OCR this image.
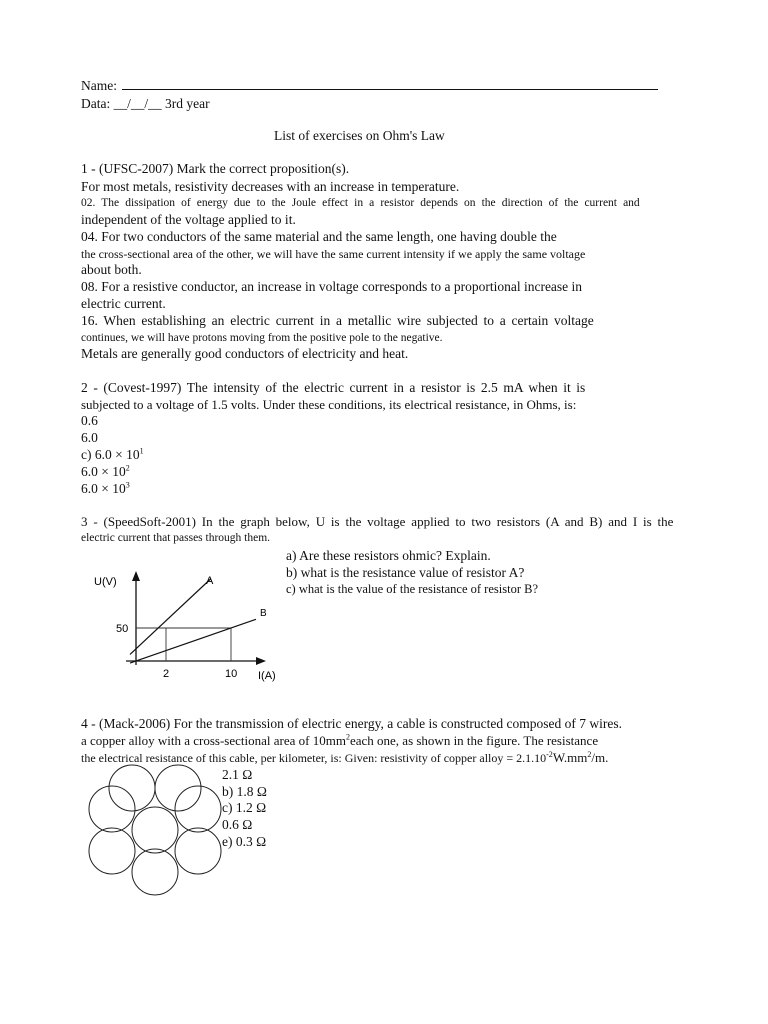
Name:
Data: __/__/__ 3rd year
List of exercises on Ohm's Law
1 - (UFSC-2007) Mark the correct proposition(s).
For most metals, resistivity decreases with an increase in temperature.
02. The dissipation of energy due to the Joule effect in a resistor depends on the direction of the current and
independent of the voltage applied to it.
04. For two conductors of the same material and the same length, one having double the
the cross-sectional area of the other, we will have the same current intensity if we apply the same voltage
about both.
08. For a resistive conductor, an increase in voltage corresponds to a proportional increase in
electric current.
16. When establishing an electric current in a metallic wire subjected to a certain voltage
continues, we will have protons moving from the positive pole to the negative.
Metals are generally good conductors of electricity and heat.
2 - (Covest-1997) The intensity of the electric current in a resistor is 2.5 mA when it is
subjected to a voltage of 1.5 volts. Under these conditions, its electrical resistance, in Ohms, is:
0.6
6.0
c) $6.0 \times 10^1$
$6.0 \times 10^2$
$6.0 \times 10^3$
3 - (SpeedSoft-2001) In the graph below, U is the voltage applied to two resistors (A and B) and I is the
electric current that passes through them.
a) Are these resistors ohmic? Explain.
b) what is the resistance value of resistor A?
c) what is the value of the resistance of resistor B?
U(V)
I(A)
50
2	10
A
B
4 - (Mack-2006) For the transmission of electric energy, a cable is constructed composed of 7 wires.
a copper alloy with a cross-sectional area of $10mm^2each$ one, as shown in the figure. The resistance
the electrical resistance of this cable, per kilometer, is: Given: resistivity of copper alloy = $2.1.10^{-2}W.mm^2/m$.
2.1 Ω
b) 1.8 Ω
c) 1.2 Ω
0.6 Ω
e) 0.3 Ω
